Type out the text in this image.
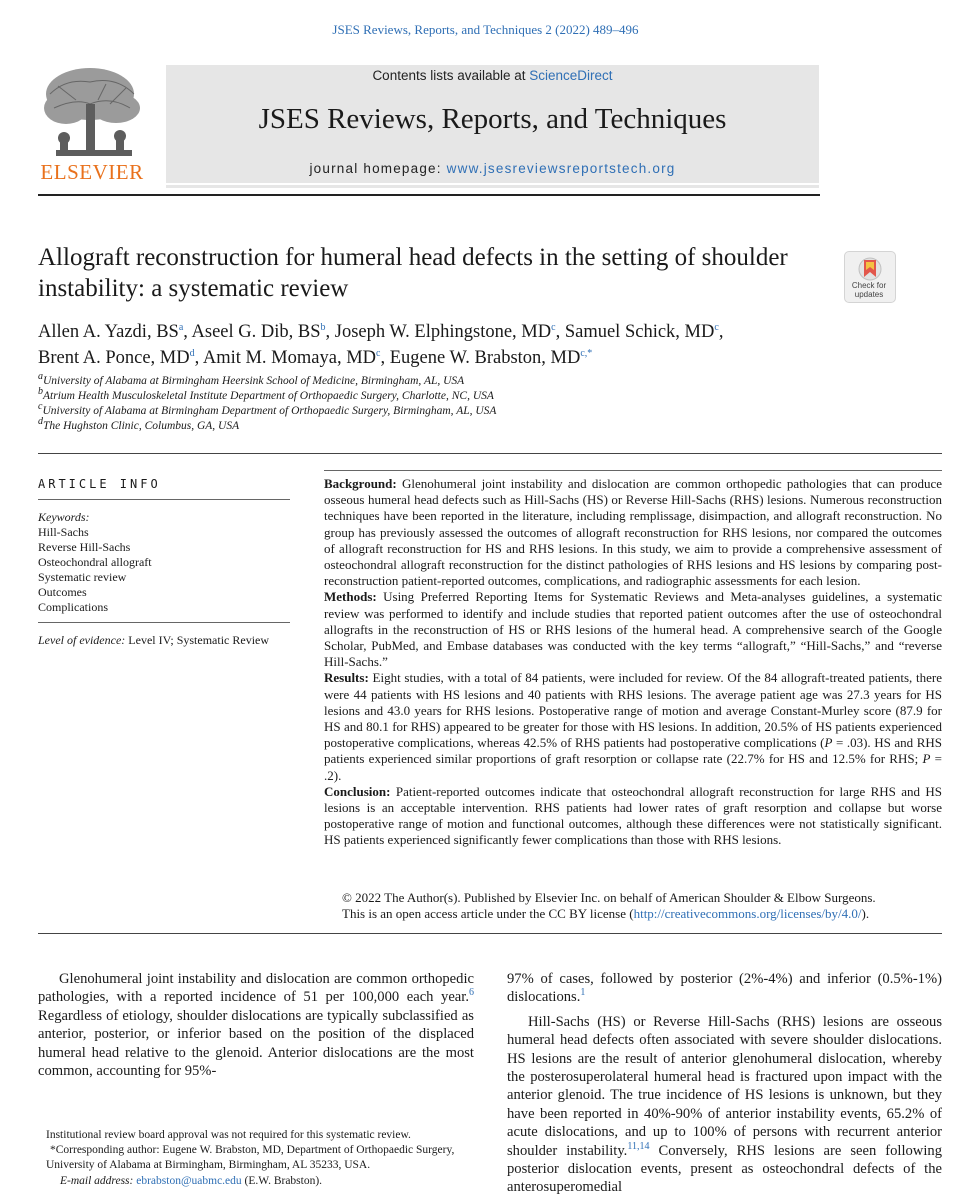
JSES Reviews, Reports, and Techniques 2 (2022) 489–496
ELSEVIER
Contents lists available at ScienceDirect
JSES Reviews, Reports, and Techniques
journal homepage: www.jsesreviewsreportstech.org
Allograft reconstruction for humeral head defects in the setting of shoulder instability: a systematic review	Check for updates
Allen A. Yazdi, $BS^a$, Aseel G. Dib, $BS^b$, Joseph W. Elphingstone, $MD^c$, Samuel Schick, $MD^c$,
Brent A. Ponce, $MD^d$, Amit M. Momaya, $MD^c$, Eugene W. Brabston, $MD^{c,*}$
$^a$University of Alabama at Birmingham Heersink School of Medicine, Birmingham, AL, USA
$^b$Atrium Health Musculoskeletal Institute Department of Orthopaedic Surgery, Charlotte, NC, USA
$^c$University of Alabama at Birmingham Department of Orthopaedic Surgery, Birmingham, AL, USA
$^d$The Hughston Clinic, Columbus, GA, USA
ARTICLE INFO
Keywords:
Hill-Sachs
Reverse Hill-Sachs
Osteochondral allograft
Systematic review
Outcomes
Complications
Level of evidence: Level IV; Systematic Review

Background: Glenohumeral joint instability and dislocation are common orthopedic pathologies that can produce osseous humeral head defects such as Hill-Sachs (HS) or Reverse Hill-Sachs (RHS) lesions. Numerous reconstruction techniques have been reported in the literature, including remplissage, disimpaction, and allograft reconstruction. No group has previously assessed the outcomes of allograft reconstruction for RHS lesions, nor compared the outcomes of allograft reconstruction for HS and RHS lesions. In this study, we aim to provide a comprehensive assessment of osteochondral allograft reconstruction for the distinct pathologies of RHS lesions and HS lesions by comparing post-reconstruction patient-reported outcomes, complications, and radiographic assessments for each lesion.

Methods: Using Preferred Reporting Items for Systematic Reviews and Meta-analyses guidelines, a systematic review was performed to identify and include studies that reported patient outcomes after the use of osteochondral allografts in the reconstruction of HS or RHS lesions of the humeral head. A comprehensive search of the Google Scholar, PubMed, and Embase databases was conducted with the key terms “allograft,” “Hill-Sachs,” and “reverse Hill-Sachs.”

Results: Eight studies, with a total of 84 patients, were included for review. Of the 84 allograft-treated patients, there were 44 patients with HS lesions and 40 patients with RHS lesions. The average patient age was 27.3 years for HS lesions and 43.0 years for RHS lesions. Postoperative range of motion and average Constant-Murley score (87.9 for HS and 80.1 for RHS) appeared to be greater for those with HS lesions. In addition, 20.5% of HS patients experienced postoperative complications, whereas 42.5% of RHS patients had postoperative complications (P = .03). HS and RHS patients experienced similar proportions of graft resorption or collapse rate (22.7% for HS and 12.5% for RHS; P = .2).

Conclusion: Patient-reported outcomes indicate that osteochondral allograft reconstruction for large RHS and HS lesions is an acceptable intervention. RHS patients had lower rates of graft resorption and collapse but worse postoperative range of motion and functional outcomes, although these differences were not statistically significant. HS patients experienced significantly fewer complications than those with RHS lesions.

© 2022 The Author(s). Published by Elsevier Inc. on behalf of American Shoulder & Elbow Surgeons.
This is an open access article under the CC BY license (http://creativecommons.org/licenses/by/4.0/).

Glenohumeral joint instability and dislocation are common orthopedic pathologies, with a reported incidence of 51 per 100,000 each year.$^6$ Regardless of etiology, shoulder dislocations are typically subclassified as anterior, posterior, or inferior based on the position of the displaced humeral head relative to the glenoid. Anterior dislocations are the most common, accounting for 95%-

97% of cases, followed by posterior (2%-4%) and inferior (0.5%-1%) dislocations.$^1$

Hill-Sachs (HS) or Reverse Hill-Sachs (RHS) lesions are osseous humeral head defects often associated with severe shoulder dislocations. HS lesions are the result of anterior glenohumeral dislocation, whereby the posterosuperolateral humeral head is fractured upon impact with the anterior glenoid. The true incidence of HS lesions is unknown, but they have been reported in 40%-90% of anterior instability events, 65.2% of acute dislocations, and up to 100% of persons with recurrent anterior shoulder instability.$^{11,14}$ Conversely, RHS lesions are seen following posterior dislocation events, present as osteochondral defects of the anterosuperomedial

Institutional review board approval was not required for this systematic review.
*Corresponding author: Eugene W. Brabston, MD, Department of Orthopaedic Surgery, University of Alabama at Birmingham, Birmingham, AL 35233, USA.
E-mail address: ebrabston@uabmc.edu (E.W. Brabston).
